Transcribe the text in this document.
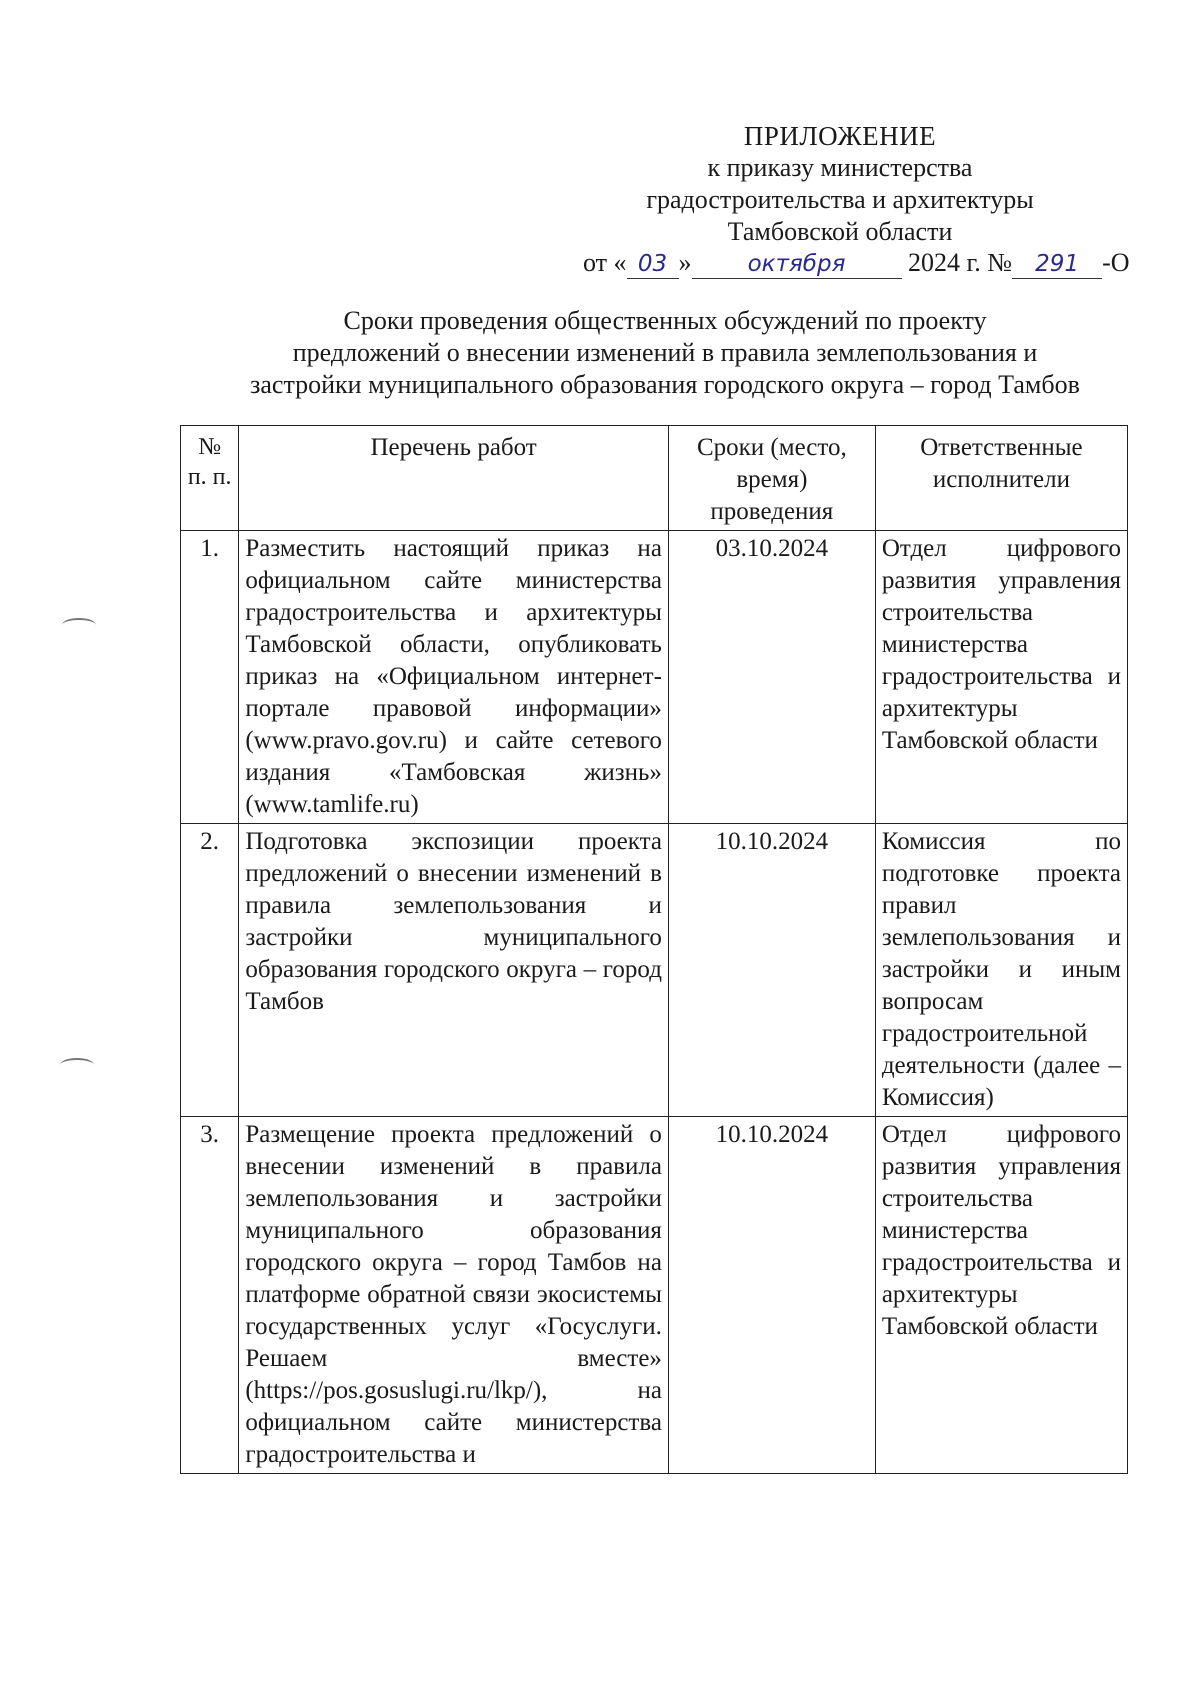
ПРИЛОЖЕНИЕ
к приказу министерства
градостроительства и архитектуры
Тамбовской области
от « 03 » октября 2024 г. № 291 -О
Сроки проведения общественных обсуждений по проекту
предложений о внесении изменений в правила землепользования и
застройки муниципального образования городского округа – город Тамбов
№ п. п.	Перечень работ	Сроки (место, время) проведения	Ответственные исполнители
1.	Разместить настоящий приказ на официальном сайте министерства градостроительства и архитектуры Тамбовской области, опубликовать приказ на «Официальном интернет-портале правовой информации» (www.pravo.gov.ru) и сайте сетевого издания «Тамбовская жизнь» (www.tamlife.ru)	03.10.2024	Отдел цифрового развития управления строительства министерства градостроительства и архитектуры Тамбовской области
2.	Подготовка экспозиции проекта предложений о внесении изменений в правила землепользования и застройки муниципального образования городского округа – город Тамбов	10.10.2024	Комиссия по подготовке проекта правил землепользования и застройки и иным вопросам градостроительной деятельности (далее – Комиссия)
3.	Размещение проекта предложений о внесении изменений в правила землепользования и застройки муниципального образования городского округа – город Тамбов на платформе обратной связи экосистемы государственных услуг «Госуслуги. Решаем вместе» (https://pos.gosuslugi.ru/lkp/), на официальном сайте министерства градостроительства и	10.10.2024	Отдел цифрового развития управления строительства министерства градостроительства и архитектуры Тамбовской области
